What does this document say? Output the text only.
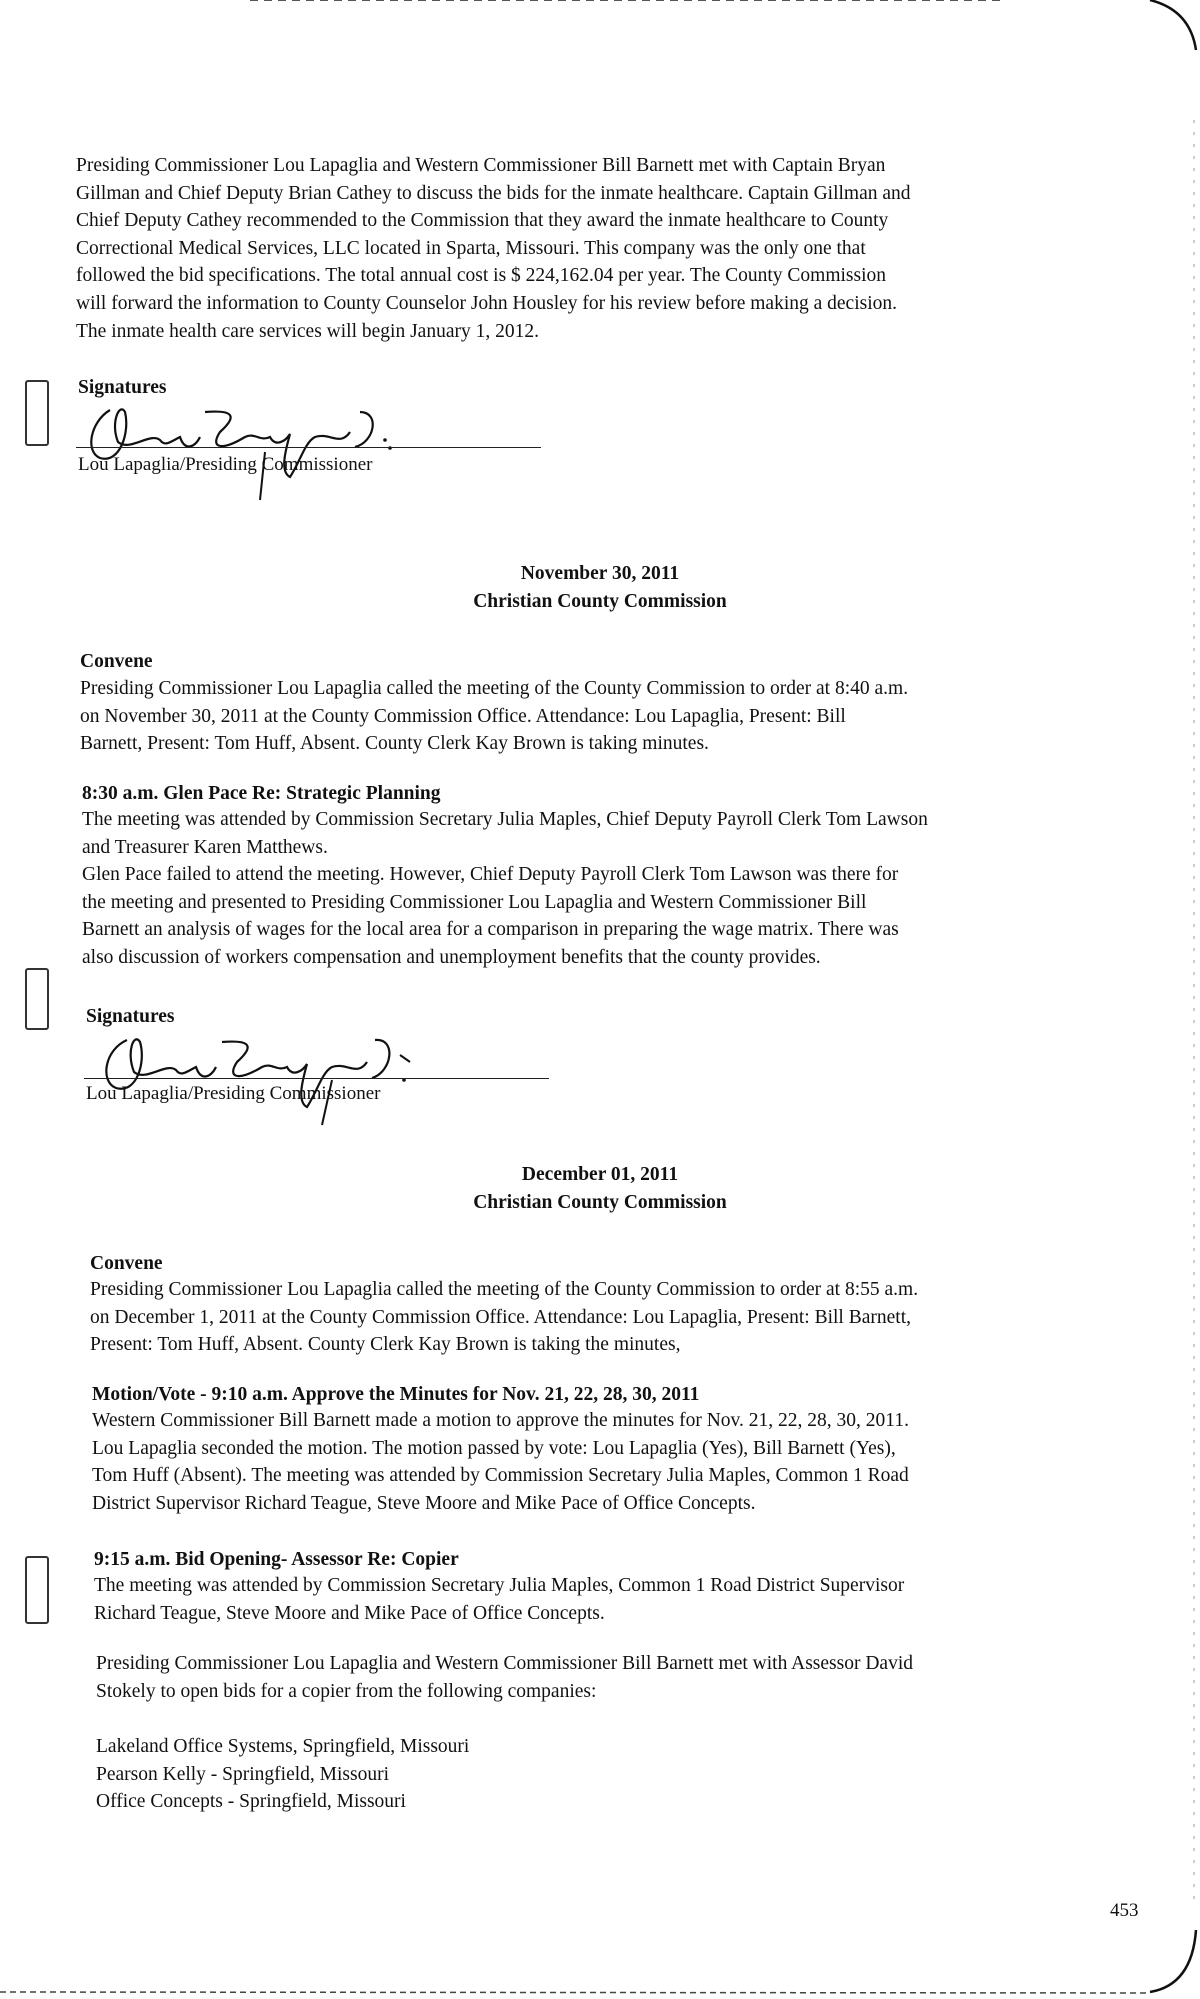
Presiding Commissioner Lou Lapaglia and Western Commissioner Bill Barnett met with Captain Bryan

Gillman and Chief Deputy Brian Cathey to discuss the bids for the inmate healthcare. Captain Gillman and

Chief Deputy Cathey recommended to the Commission that they award the inmate healthcare to County

Correctional Medical Services, LLC located in Sparta, Missouri. This company was the only one that

followed the bid specifications. The total annual cost is $ 224,162.04 per year. The County Commission

will forward the information to County Counselor John Housley for his review before making a decision.

The inmate health care services will begin January 1, 2012.

Signatures
Lou Lapaglia/Presiding Commissioner
November 30, 2011
Christian County Commission
Convene

Presiding Commissioner Lou Lapaglia called the meeting of the County Commission to order at 8:40 a.m.

on November 30, 2011 at the County Commission Office. Attendance: Lou Lapaglia, Present: Bill

Barnett, Present: Tom Huff, Absent. County Clerk Kay Brown is taking minutes.

8:30 a.m. Glen Pace Re: Strategic Planning

The meeting was attended by Commission Secretary Julia Maples, Chief Deputy Payroll Clerk Tom Lawson

and Treasurer Karen Matthews.

Glen Pace failed to attend the meeting. However, Chief Deputy Payroll Clerk Tom Lawson was there for

the meeting and presented to Presiding Commissioner Lou Lapaglia and Western Commissioner Bill

Barnett an analysis of wages for the local area for a comparison in preparing the wage matrix. There was

also discussion of workers compensation and unemployment benefits that the county provides.

Signatures
Lou Lapaglia/Presiding Commissioner
December 01, 2011
Christian County Commission
Convene

Presiding Commissioner Lou Lapaglia called the meeting of the County Commission to order at 8:55 a.m.

on December 1, 2011 at the County Commission Office. Attendance: Lou Lapaglia, Present: Bill Barnett,

Present: Tom Huff, Absent. County Clerk Kay Brown is taking the minutes,

Motion/Vote - 9:10 a.m. Approve the Minutes for Nov. 21, 22, 28, 30, 2011

Western Commissioner Bill Barnett made a motion to approve the minutes for Nov. 21, 22, 28, 30, 2011.

Lou Lapaglia seconded the motion. The motion passed by vote: Lou Lapaglia (Yes), Bill Barnett (Yes),

Tom Huff (Absent). The meeting was attended by Commission Secretary Julia Maples, Common 1 Road

District Supervisor Richard Teague, Steve Moore and Mike Pace of Office Concepts.

9:15 a.m. Bid Opening- Assessor Re: Copier

The meeting was attended by Commission Secretary Julia Maples, Common 1 Road District Supervisor

Richard Teague, Steve Moore and Mike Pace of Office Concepts.

Presiding Commissioner Lou Lapaglia and Western Commissioner Bill Barnett met with Assessor David

Stokely to open bids for a copier from the following companies:

Lakeland Office Systems, Springfield, Missouri

Pearson Kelly - Springfield, Missouri

Office Concepts - Springfield, Missouri

453
